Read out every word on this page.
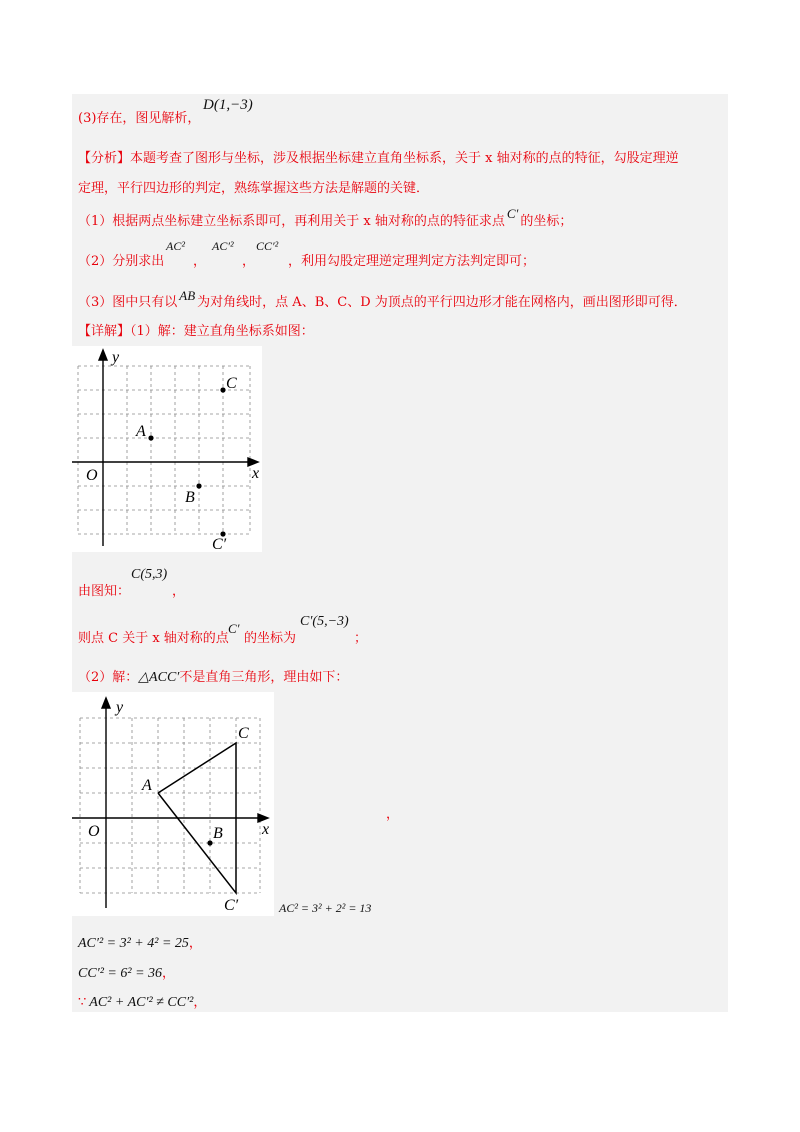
(3)存在，图见解析，
D(1,−3)
【分析】本题考查了图形与坐标，涉及根据坐标建立直角坐标系，关于 x 轴对称的点的特征，勾股定理逆
定理，平行四边形的判定，熟练掌握这些方法是解题的关键．
（1）根据两点坐标建立坐标系即可，再利用关于 x 轴对称的点的特征求点C′的坐标；
（2）分别求出
AC²
，
AC′²
，
CC′²
，利用勾股定理逆定理判定方法判定即可；
（3）图中只有以 AB 为对角线时，点 A、B、C、D 为顶点的平行四边形才能在网格内，画出图形即可得．
【详解】（1）解：建立直角坐标系如图：
x
y
O
A
B
C
C′
由图知：
C(5,3)
，
则点 C 关于 x 轴对称的点
C′
的坐标为
C′(5,−3)
；
（2）解：△ACC′不是直角三角形，理由如下：
x
y
O
A
B
C
C′
，
AC² = 3² + 2² = 13
AC′² = 3² + 4² = 25，
CC′² = 6² = 36，
∵ AC² + AC′² ≠ CC′²，
